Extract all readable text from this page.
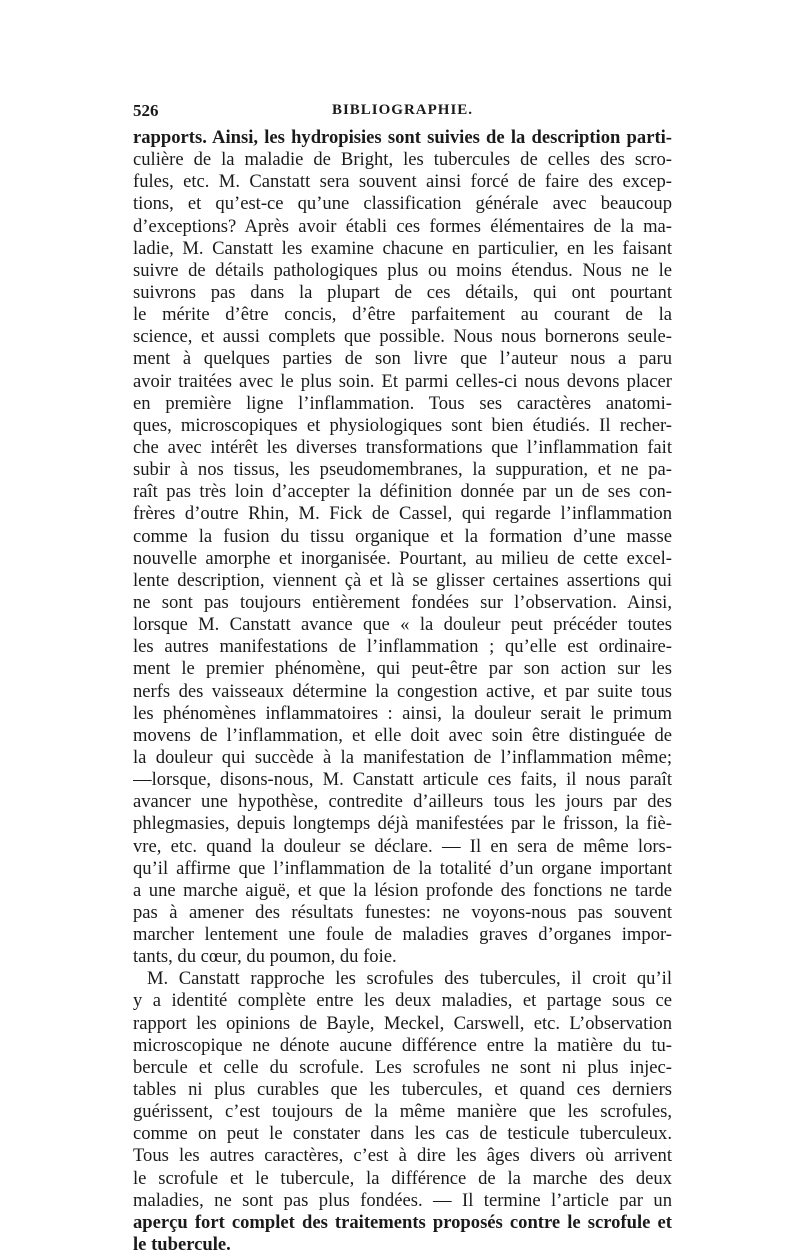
526	BIBLIOGRAPHIE.
rapports. Ainsi, les hydropisies sont suivies de la description parti-
culière de la maladie de Bright, les tubercules de celles des scro-
fules, etc. M. Canstatt sera souvent ainsi forcé de faire des excep-
tions, et qu’est-ce qu’une classification générale avec beaucoup
d’exceptions? Après avoir établi ces formes élémentaires de la ma-
ladie, M. Canstatt les examine chacune en particulier, en les faisant
suivre de détails pathologiques plus ou moins étendus. Nous ne le
suivrons pas dans la plupart de ces détails, qui ont pourtant
le mérite d’être concis, d’être parfaitement au courant de la
science, et aussi complets que possible. Nous nous bornerons seule-
ment à quelques parties de son livre que l’auteur nous a paru
avoir traitées avec le plus soin. Et parmi celles-ci nous devons placer
en première ligne l’inflammation. Tous ses caractères anatomi-
ques, microscopiques et physiologiques sont bien étudiés. Il recher-
che avec intérêt les diverses transformations que l’inflammation fait
subir à nos tissus, les pseudomembranes, la suppuration, et ne pa-
raît pas très loin d’accepter la définition donnée par un de ses con-
frères d’outre Rhin, M. Fick de Cassel, qui regarde l’inflammation
comme la fusion du tissu organique et la formation d’une masse
nouvelle amorphe et inorganisée. Pourtant, au milieu de cette excel-
lente description, viennent çà et là se glisser certaines assertions qui
ne sont pas toujours entièrement fondées sur l’observation. Ainsi,
lorsque M. Canstatt avance que « la douleur peut précéder toutes
les autres manifestations de l’inflammation ; qu’elle est ordinaire-
ment le premier phénomène, qui peut-être par son action sur les
nerfs des vaisseaux détermine la congestion active, et par suite tous
les phénomènes inflammatoires : ainsi, la douleur serait le primum
movens de l’inflammation, et elle doit avec soin être distinguée de
la douleur qui succède à la manifestation de l’inflammation même;
—lorsque, disons-nous, M. Canstatt articule ces faits, il nous paraît
avancer une hypothèse, contredite d’ailleurs tous les jours par des
phlegmasies, depuis longtemps déjà manifestées par le frisson, la fiè-
vre, etc. quand la douleur se déclare. — Il en sera de même lors-
qu’il affirme que l’inflammation de la totalité d’un organe important
a une marche aiguë, et que la lésion profonde des fonctions ne tarde
pas à amener des résultats funestes: ne voyons-nous pas souvent
marcher lentement une foule de maladies graves d’organes impor-
tants, du cœur, du poumon, du foie.
M. Canstatt rapproche les scrofules des tubercules, il croit qu’il
y a identité complète entre les deux maladies, et partage sous ce
rapport les opinions de Bayle, Meckel, Carswell, etc. L’observation
microscopique ne dénote aucune différence entre la matière du tu-
bercule et celle du scrofule. Les scrofules ne sont ni plus injec-
tables ni plus curables que les tubercules, et quand ces derniers
guérissent, c’est toujours de la même manière que les scrofules,
comme on peut le constater dans les cas de testicule tuberculeux.
Tous les autres caractères, c’est à dire les âges divers où arrivent
le scrofule et le tubercule, la différence de la marche des deux
maladies, ne sont pas plus fondées. — Il termine l’article par un
aperçu fort complet des traitements proposés contre le scrofule et
le tubercule.
